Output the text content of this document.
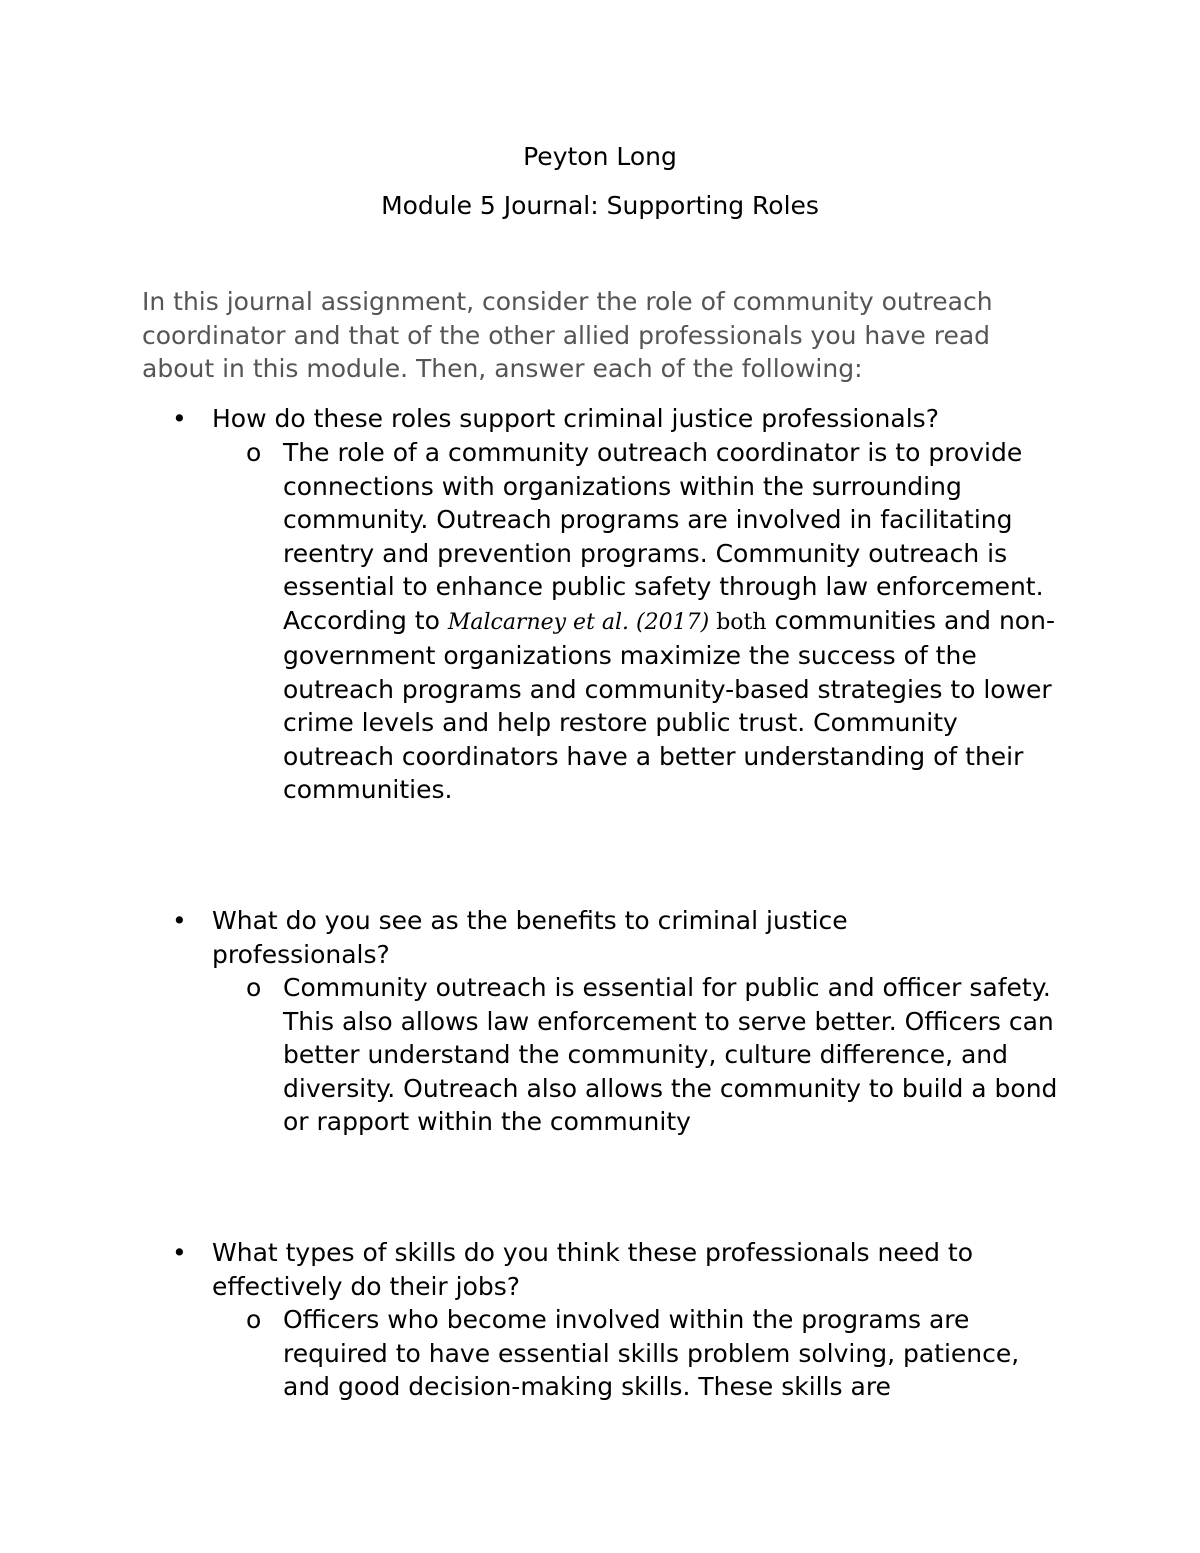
Peyton Long
Module 5 Journal: Supporting Roles

In this journal assignment, consider the role of community outreach coordinator and that of the other allied professionals you have read about in this module. Then, answer each of the following:

• How do these roles support criminal justice professionals?

o The role of a community outreach coordinator is to provide connections with organizations within the surrounding community. Outreach programs are involved in facilitating reentry and prevention programs. Community outreach is essential to enhance public safety through law enforcement. According to Malcarney et al. (2017) both communities and non-government organizations maximize the success of the outreach programs and community-based strategies to lower crime levels and help restore public trust. Community outreach coordinators have a better understanding of their communities.

• What do you see as the benefits to criminal justice professionals?

o Community outreach is essential for public and officer safety. This also allows law enforcement to serve better. Officers can better understand the community, culture difference, and diversity. Outreach also allows the community to build a bond or rapport within the community

• What types of skills do you think these professionals need to effectively do their jobs?

o Officers who become involved within the programs are required to have essential skills problem solving, patience, and good decision-making skills. These skills are
